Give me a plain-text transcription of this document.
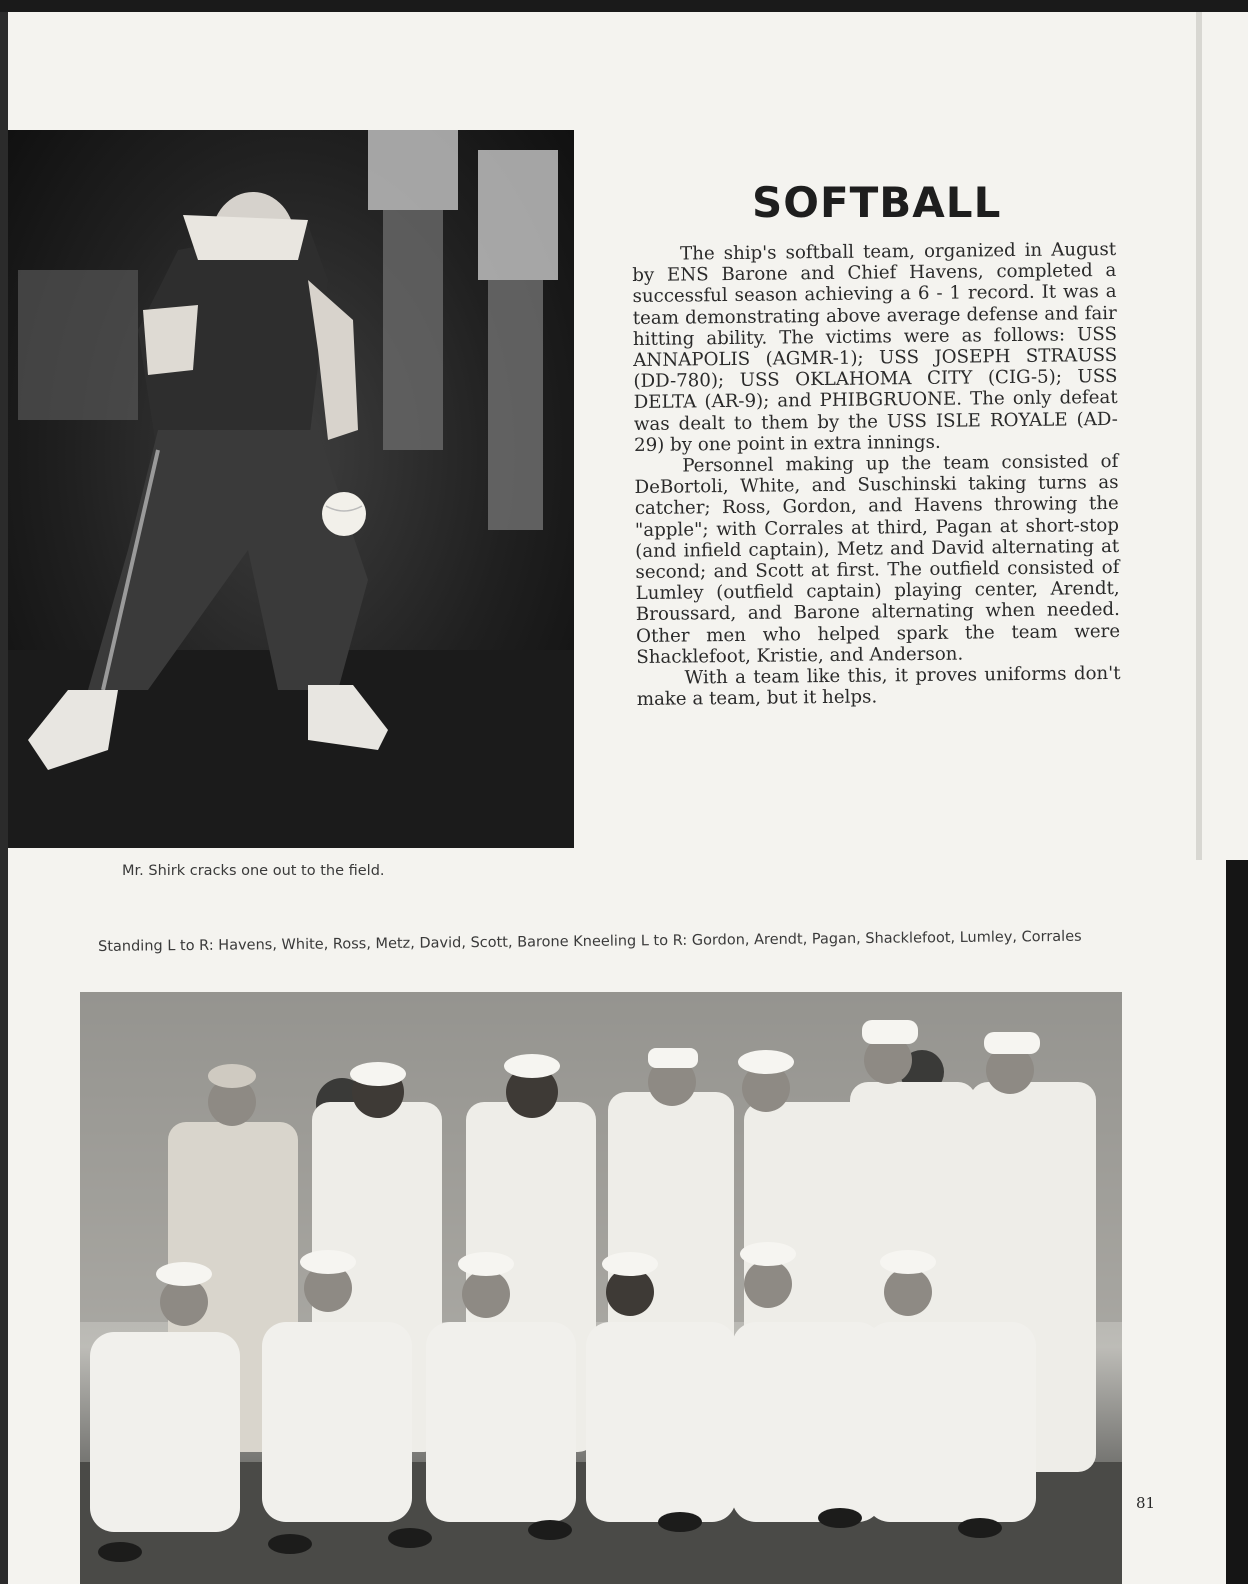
SOFTBALL

The ship's softball team, organized in August by ENS Barone and Chief Havens, completed a successful season achieving a 6 - 1 record. It was a team demonstrating above average defense and fair hitting ability. The victims were as follows: USS ANNAPOLIS (AGMR-1); USS JOSEPH STRAUSS (DD-780); USS OKLAHOMA CITY (CIG-5); USS DELTA (AR-9); and PHIBGRUONE. The only defeat was dealt to them by the USS ISLE ROYALE (AD-29) by one point in extra innings.

Personnel making up the team consisted of DeBortoli, White, and Suschinski taking turns as catcher; Ross, Gordon, and Havens throwing the "apple"; with Corrales at third, Pagan at short-stop (and infield captain), Metz and David alternating at second; and Scott at first. The outfield consisted of Lumley (outfield captain) playing center, Arendt, Broussard, and Barone alternating when needed. Other men who helped spark the team were Shacklefoot, Kristie, and Anderson.

With a team like this, it proves uniforms don't make a team, but it helps.

Mr. Shirk cracks one out to the field.
Standing L to R: Havens, White, Ross, Metz, David, Scott, Barone Kneeling L to R: Gordon, Arendt, Pagan, Shacklefoot, Lumley, Corrales
81
